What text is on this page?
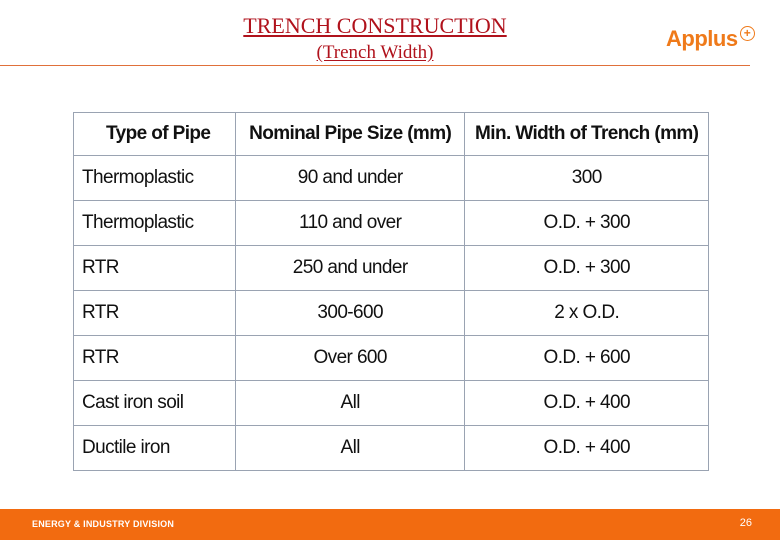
TRENCH CONSTRUCTION
(Trench Width)
Applus +
Type of Pipe	Nominal Pipe Size (mm)	Min. Width of Trench (mm)
Thermoplastic	90 and under	300
Thermoplastic	110 and over	O.D. + 300
RTR	250 and under	O.D. + 300
RTR	300-600	2 x O.D.
RTR	Over 600	O.D. + 600
Cast iron soil	All	O.D. + 400
Ductile iron	All	O.D. + 400
ENERGY & INDUSTRY DIVISION	26
